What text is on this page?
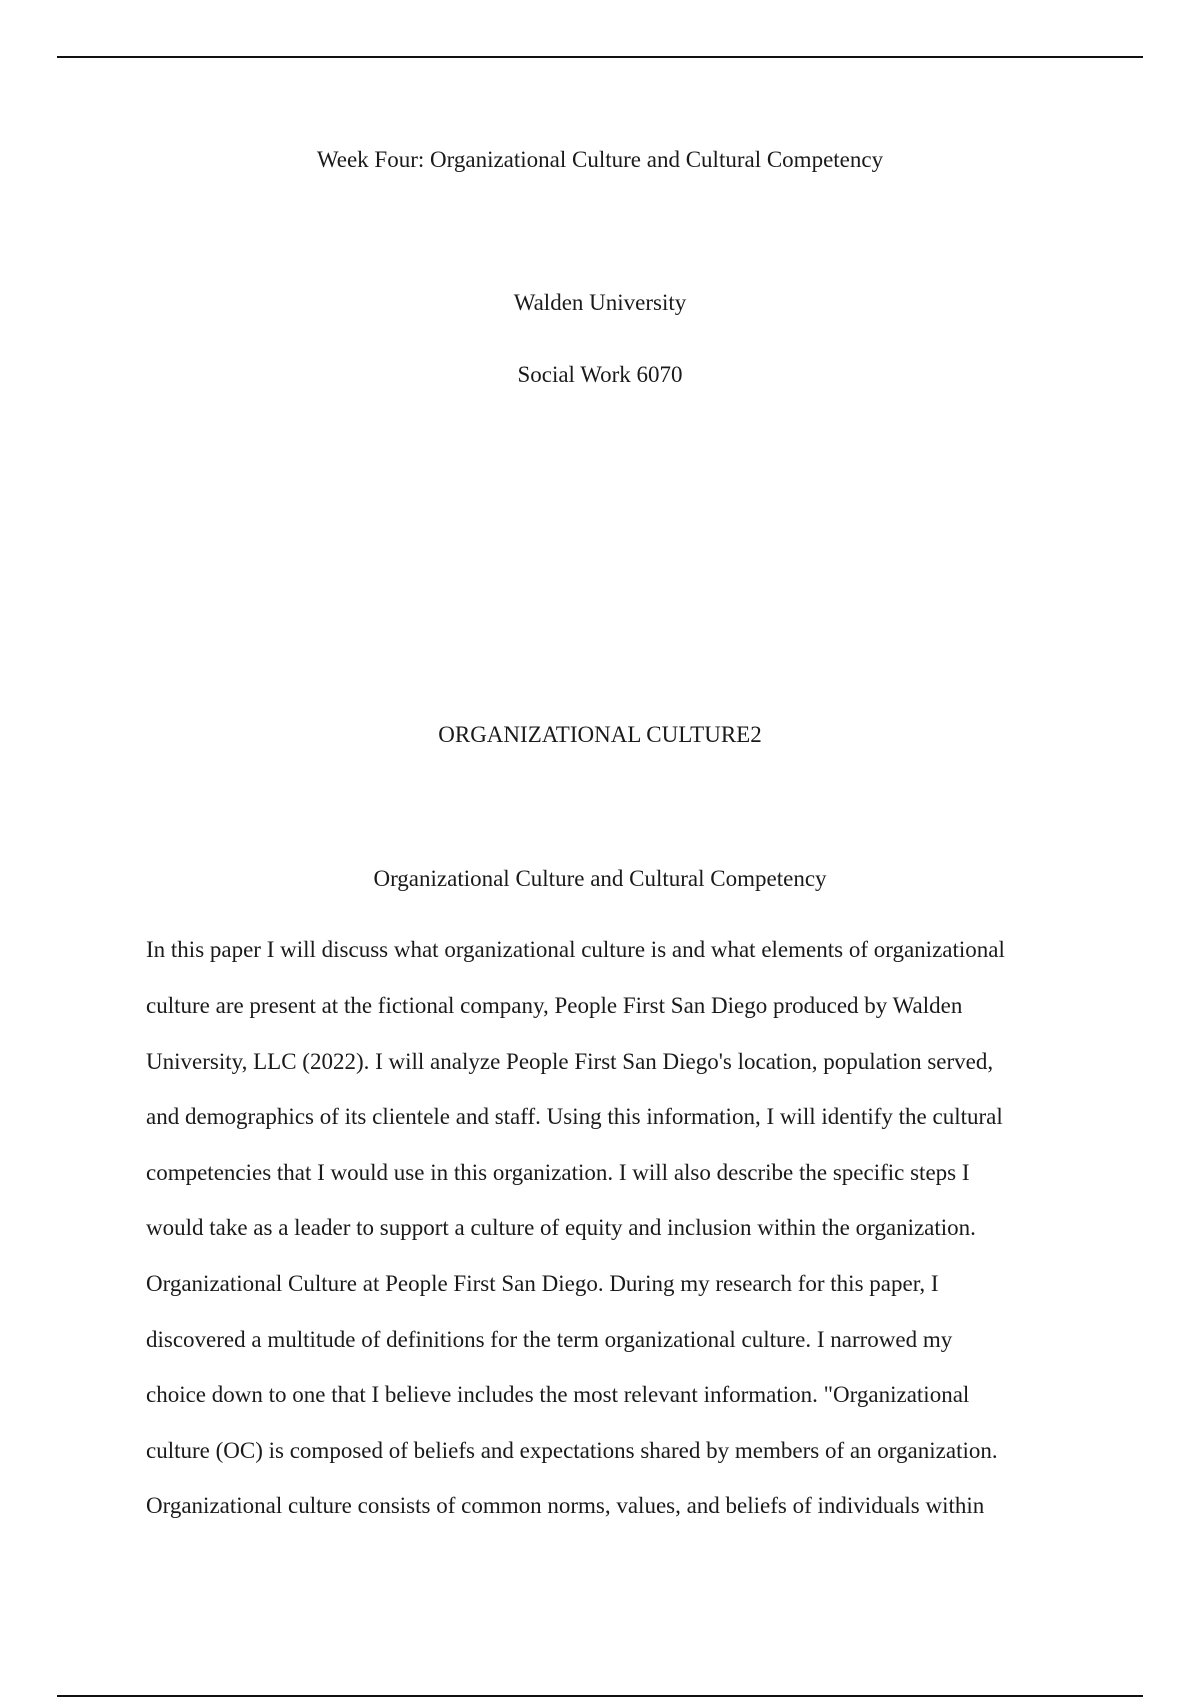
Week Four: Organizational Culture and Cultural Competency
Walden University
Social Work 6070
ORGANIZATIONAL CULTURE2
Organizational Culture and Cultural Competency
In this paper I will discuss what organizational culture is and what elements of organizational
culture are present at the fictional company, People First San Diego produced by Walden
University, LLC (2022). I will analyze People First San Diego's location, population served,
and demographics of its clientele and staff. Using this information, I will identify the cultural
competencies that I would use in this organization. I will also describe the specific steps I
would take as a leader to support a culture of equity and inclusion within the organization.
Organizational Culture at People First San Diego. During my research for this paper, I
discovered a multitude of definitions for the term organizational culture. I narrowed my
choice down to one that I believe includes the most relevant information. "Organizational
culture (OC) is composed of beliefs and expectations shared by members of an organization.
Organizational culture consists of common norms, values, and beliefs of individuals within
